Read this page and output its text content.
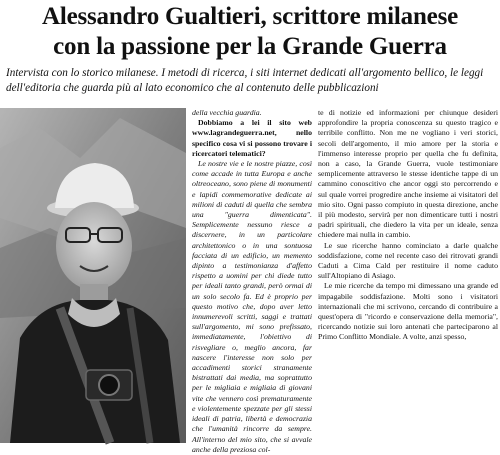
Alessandro Gualtieri, scrittore milanese
con la passione per la Grande Guerra

Intervista con lo storico milanese. I metodi di ricerca, i siti internet dedicati all'argomento bellico, le leggi dell'editoria che guarda più al lato economico che al contenuto delle pubblicazioni

della vecchia guardia.

Dobbiamo a lei il sito web www.lagrandeguerra.net, nello specifico cosa vi si possono trovare i ricercatori telematici?

Le nostre vie e le nostre piazze, così come accade in tutta Europa e anche oltreoceano, sono piene di monumenti e lapidi commemorative dedicate ai milioni di caduti di quella che sembra una "guerra dimenticata". Semplicemente nessuno riesce a discernere, in un particolare architettonico o in una sontuosa facciata di un edificio, un memento dipinto a testimonianza d'affetto rispetto a uomini per chi diede tutto per ideali tanto grandi, però ormai di un solo secolo fa. Ed è proprio per questo motivo che, dopo aver letto innumerevoli scritti, saggi e trattati sull'argomento, mi sono prefissato, immediatamente, l'obiettivo di risvegliare o, meglio ancora, far nascere l'interesse non solo per accadimenti storici stranamente bistrattati dai media, ma soprattutto per le migliaia e migliaia di giovani vite che vennero così prematuramente e violentemente spezzate per gli stessi ideali di patria, libertà e democrazia che l'umanità rincorre da sempre. All'interno del mio sito, che si avvale anche della preziosa col-

te di notizie ed informazioni per chiunque desideri approfondire la propria conoscenza su questo tragico e terribile conflitto. Non me ne vogliano i veri storici, secoli dell'argomento, il mio amore per la storia e l'immenso interesse proprio per quella che fu definita, non a caso, la Grande Guerra, vuole testimoniare semplicemente attraverso le stesse identiche tappe di un cammino conoscitivo che ancor oggi sto percorrendo e sul quale vorrei progredire anche insieme ai visitatori del mio sito. Ogni passo compiuto in questa direzione, anche il più modesto, servirà per non dimenticare tutti i nostri padri spirituali, che diedero la vita per un ideale, senza chiedere mai nulla in cambio.

Le sue ricerche hanno cominciato a darle qualche soddisfazione, come nel recente caso dei ritrovati grandi Caduti a Cima Cald per restituire il nome caduto sull'Altopiano di Asiago.

Le mie ricerche da tempo mi dimessano una grande ed impagabile soddisfazione. Molti sono i visitatori internazionali che mi scrivono, cercando di contribuire a quest'opera di "ricordo e conservazione della memoria", ricercando notizie sui loro antenati che parteciparono al Primo Conflitto Mondiale. A volte, anzi spesso,
